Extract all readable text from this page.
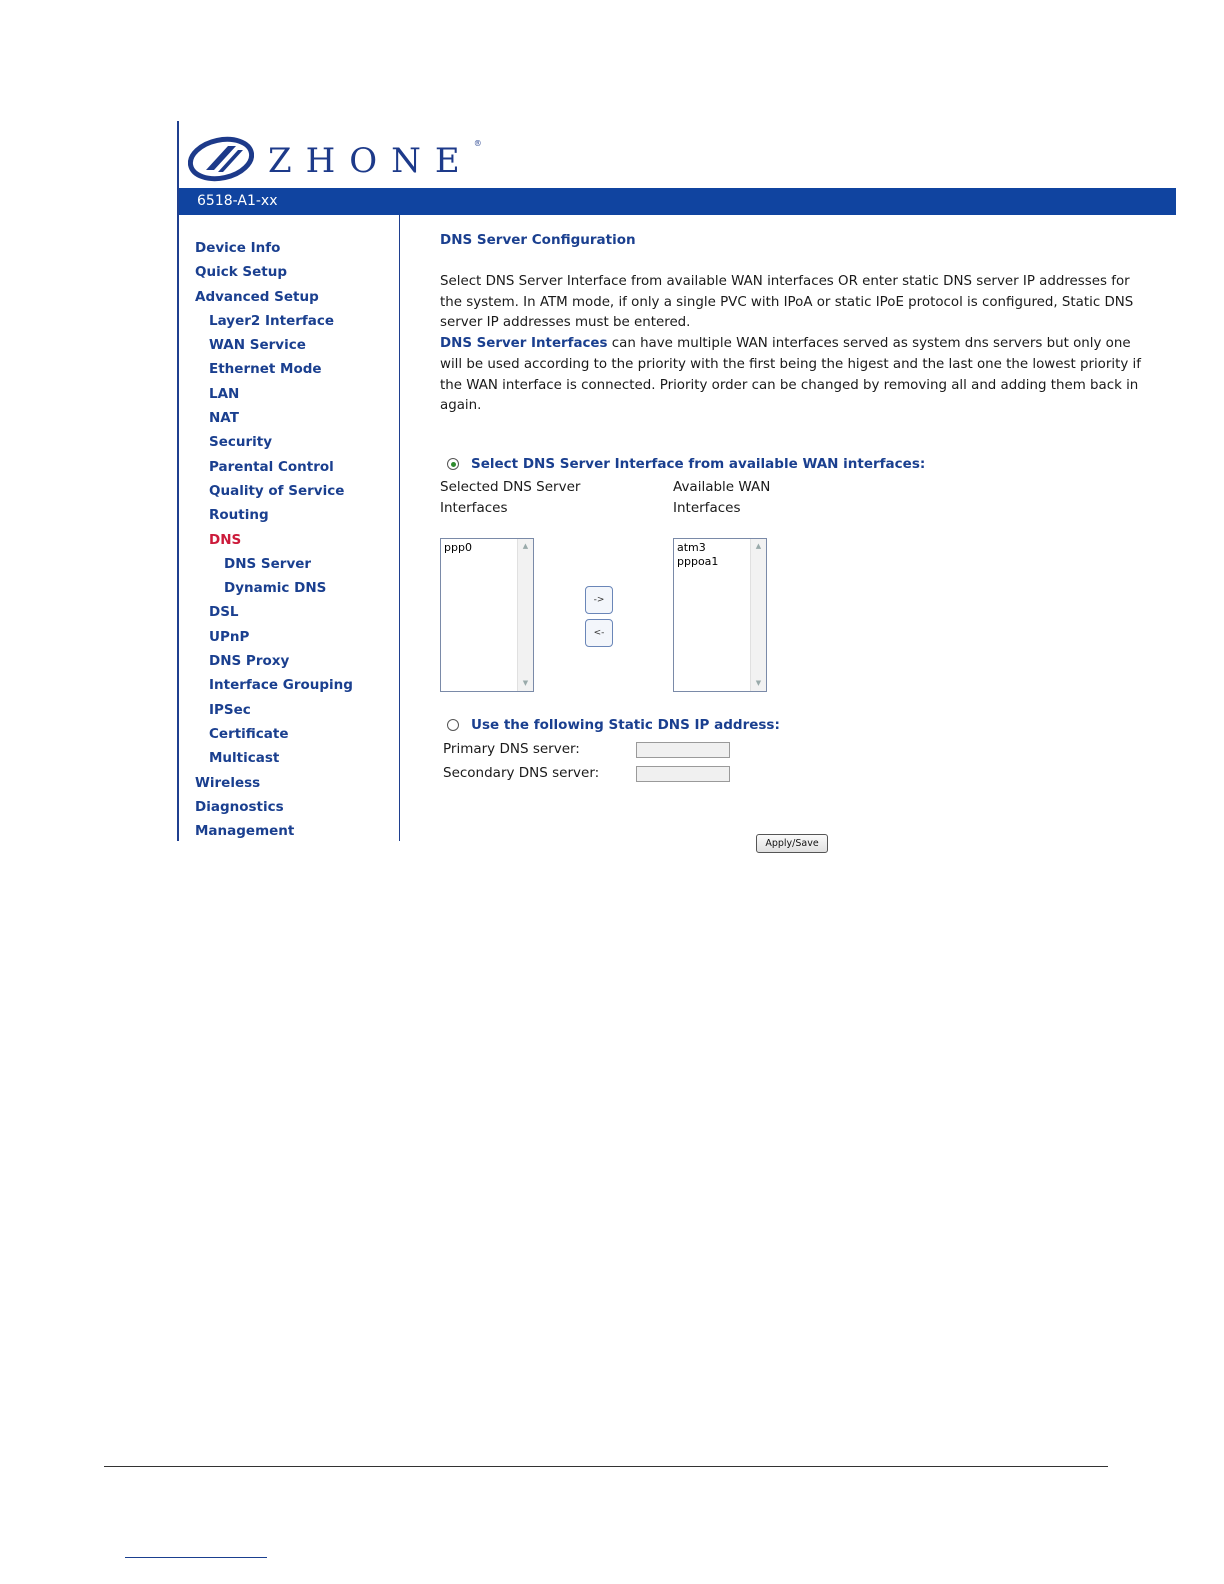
ZHONE®
6518-A1-xx
Device Info
Quick Setup
Advanced Setup
Layer2 Interface
WAN Service
Ethernet Mode
LAN
NAT
Security
Parental Control
Quality of Service
Routing
DNS
DNS Server
Dynamic DNS
DSL
UPnP
DNS Proxy
Interface Grouping
IPSec
Certificate
Multicast
Wireless
Diagnostics
Management
DNS Server Configuration
Select DNS Server Interface from available WAN interfaces OR enter static DNS server IP addresses for the system. In ATM mode, if only a single PVC with IPoA or static IPoE protocol is configured, Static DNS server IP addresses must be entered.
DNS Server Interfaces can have multiple WAN interfaces served as system dns servers but only one will be used according to the priority with the first being the higest and the last one the lowest priority if the WAN interface is connected. Priority order can be changed by removing all and adding them back in again.
Select DNS Server Interface from available WAN interfaces:
Selected DNS Server Interfaces
Available WAN Interfaces
ppp0	▲
▼
->
<-
atm3
pppoa1
▲
▼
Use the following Static DNS IP address:
Primary DNS server:
Secondary DNS server:
Apply/Save
